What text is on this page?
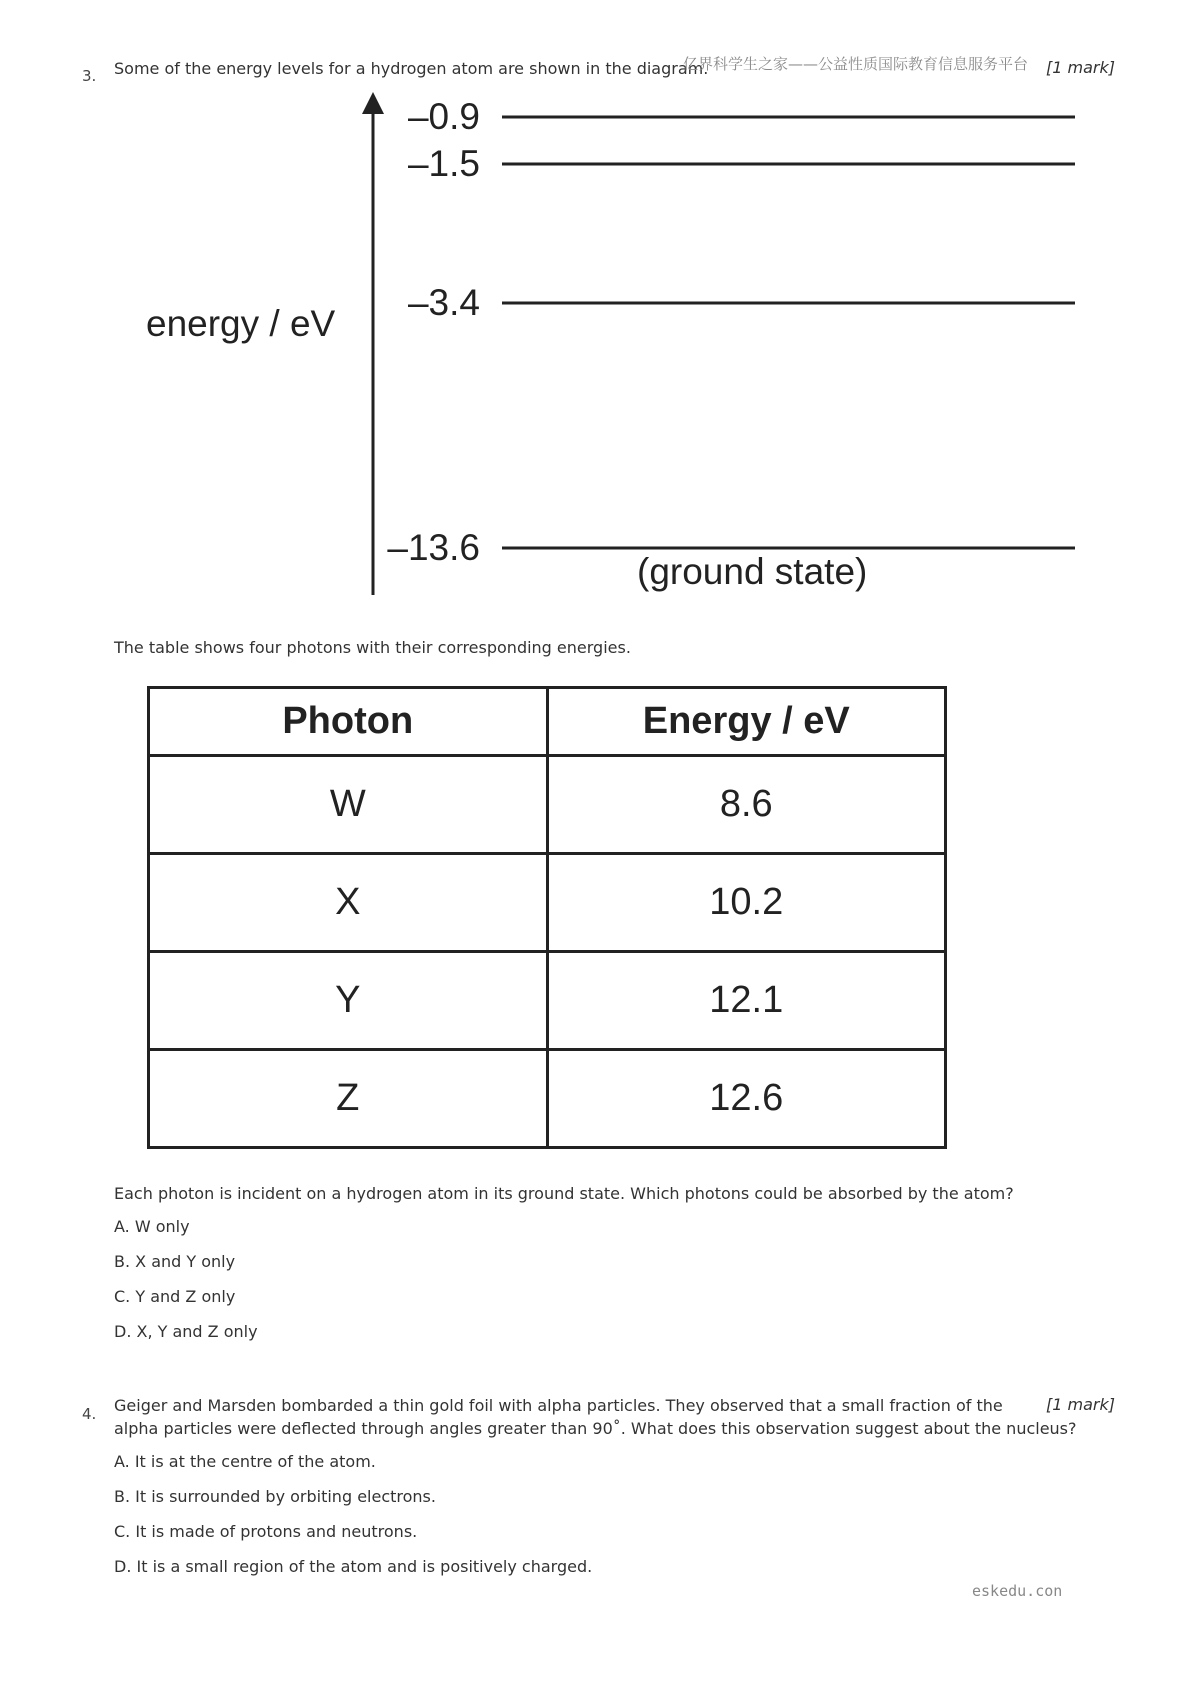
3. Some of the energy levels for a hydrogen atom are shown in the diagram.
亿界科学生之家——公益性质国际教育信息服务平台 [1 mark]
energy / eV
–0.9
–1.5
–3.4
–13.6
(ground state)
The table shows four photons with their corresponding energies.
Photon	Energy / eV
W	8.6
X	10.2
Y	12.1
Z	12.6
Each photon is incident on a hydrogen atom in its ground state. Which photons could be absorbed by the atom?
A. W only
B. X and Y only
C. Y and Z only
D. X, Y and Z only
4. Geiger and Marsden bombarded a thin gold foil with alpha particles. They observed that a small fraction of the	[1 mark]
alpha particles were deflected through angles greater than 90˚. What does this observation suggest about the nucleus?
A. It is at the centre of the atom.
B. It is surrounded by orbiting electrons.
C. It is made of protons and neutrons.
D. It is a small region of the atom and is positively charged.
eskedu.con
